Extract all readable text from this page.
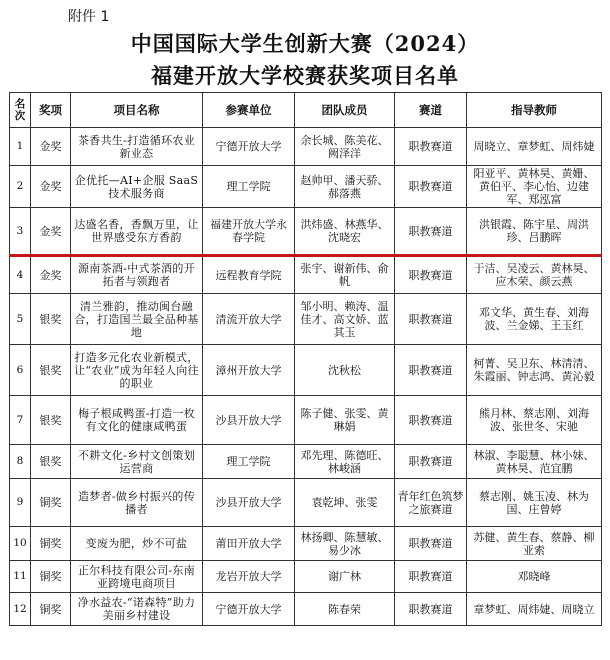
附件 1
中国国际大学生创新大赛（2024）
福建开放大学校赛获奖项目名单
名次	奖项	项目名称	参赛单位	团队成员	赛道	指导教师
1	金奖	茶香共生-打造循环农业新业态	宁德开放大学	余长城、陈美花、阙泽洋	职教赛道	周晓立、章梦虹、周炜婕
2	金奖	企优托—AI+企服 SaaS 技术服务商	理工学院	赵帅甲、潘天骄、郝落燕	职教赛道	阳亚平、黄林昊、黄姗、黄伯平、李心怡、边建军、郑泓富
3	金奖	达盛名香，香飘万里，让世界感受东方香韵	福建开放大学永春学院	洪炜盛、林燕华、沈晓宏	职教赛道	洪银霞、陈宇星、周洪珍、吕鹏晖
4	金奖	源南茶酒-中式茶酒的开拓者与领跑者	远程教育学院	张宇、谢新伟、俞帆	职教赛道	于洁、吴凌云、黄林昊、应木荣、颜云燕
5	银奖	清兰雅韵，推动闽台融合，打造国兰最全品种基地	清流开放大学	邹小明、赖涛、温佳才、高文娇、蓝其玉	职教赛道	邓文华、黄生春、刘海波、兰金娣、王玉红
6	银奖	打造多元化农业新模式，让“农业”成为年轻人向往的职业	漳州开放大学	沈秋松	职教赛道	柯菁、吴卫东、林清清、朱霞丽、钟志鸿、黄沁毅
7	银奖	梅子根咸鸭蛋-打造一枚有文化的健康咸鸭蛋	沙县开放大学	陈子健、张雯、黄琳娟	职教赛道	熊月林、蔡志刚、刘海波、张世冬、宋驰
8	银奖	不耕文化-乡村文创策划运营商	理工学院	邓先理、陈德旺、林峻涵	职教赛道	林淑、李聪慧、林小妹、黄林昊、范宜鹏
9	铜奖	造梦者-做乡村振兴的传播者	沙县开放大学	袁乾坤、张雯	青年红色筑梦之旅赛道	蔡志刚、姚玉凌、林为国、庄曾婷
10	铜奖	变废为肥，炒不可盐	莆田开放大学	林扬卿、陈慧敏、易少冰	职教赛道	苏健、黄生春、蔡静、柳亚索
11	铜奖	正尔科技有限公司-东南亚跨境电商项目	龙岩开放大学	谢广林	职教赛道	邓晓峰
12	铜奖	净水益农-“诺森特”助力美丽乡村建设	宁德开放大学	陈春荣	职教赛道	章梦虹、周炜婕、周晓立
